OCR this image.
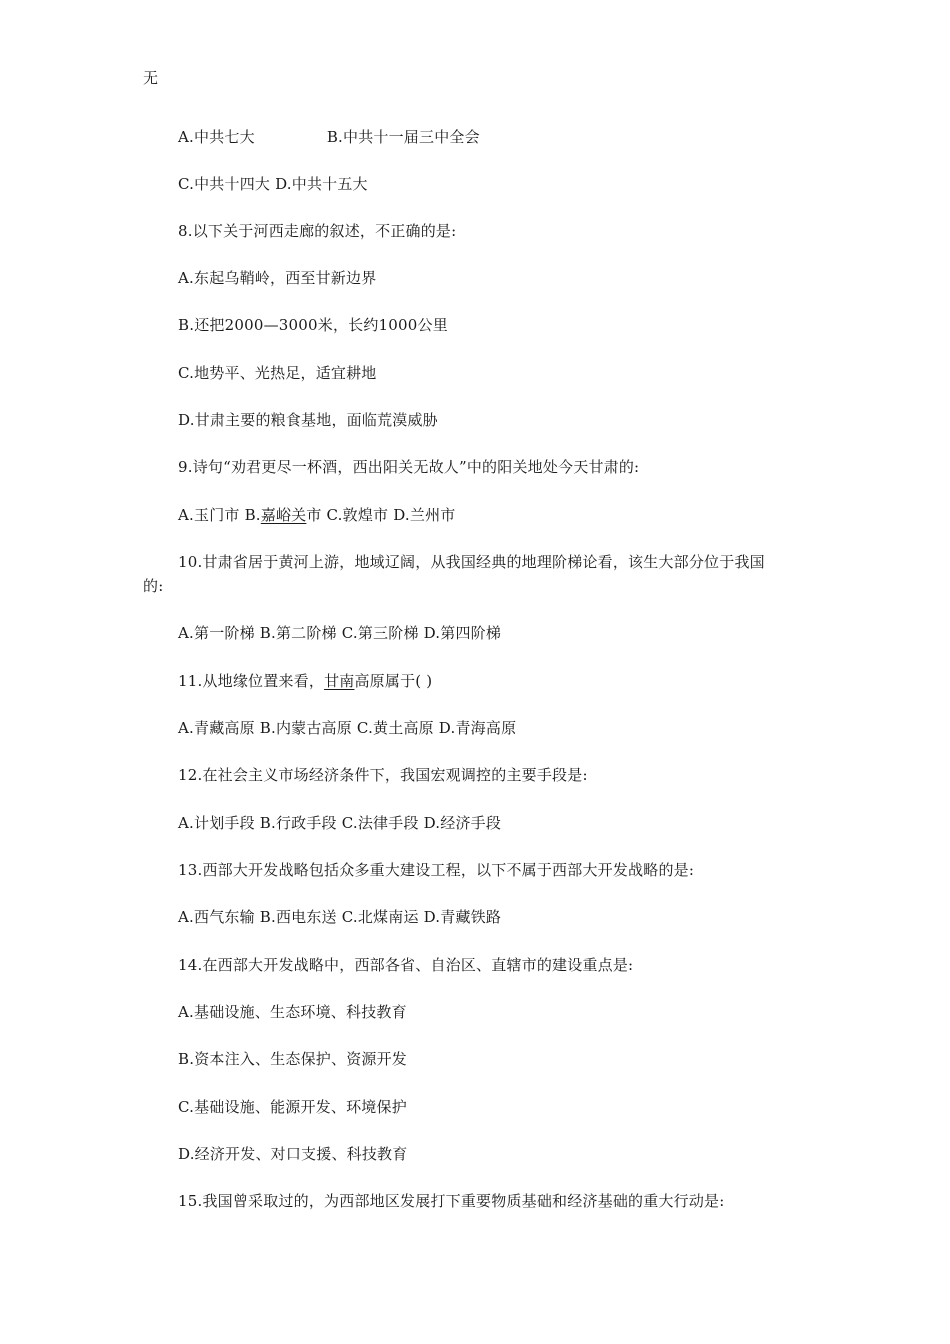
无
A.中共七大	B.中共十一届三中全会
C.中共十四大 D.中共十五大
8.以下关于河西走廊的叙述，不正确的是:
A.东起乌鞘岭，西至甘新边界
B.还把2000—3000米，长约1000公里
C.地势平、光热足，适宜耕地
D.甘肃主要的粮食基地，面临荒漠威胁
9.诗句“劝君更尽一杯酒，西出阳关无故人”中的阳关地处今天甘肃的:
A.玉门市 B.嘉峪关市 C.敦煌市 D.兰州市
10.甘肃省居于黄河上游，地域辽阔，从我国经典的地理阶梯论看，该生大部分位于我国
的:
A.第一阶梯 B.第二阶梯 C.第三阶梯 D.第四阶梯
11.从地缘位置来看，甘南高原属于( )
A.青藏高原 B.内蒙古高原 C.黄土高原 D.青海高原
12.在社会主义市场经济条件下，我国宏观调控的主要手段是:
A.计划手段 B.行政手段 C.法律手段 D.经济手段
13.西部大开发战略包括众多重大建设工程，以下不属于西部大开发战略的是:
A.西气东输 B.西电东送 C.北煤南运 D.青藏铁路
14.在西部大开发战略中，西部各省、自治区、直辖市的建设重点是:
A.基础设施、生态环境、科技教育
B.资本注入、生态保护、资源开发
C.基础设施、能源开发、环境保护
D.经济开发、对口支援、科技教育
15.我国曾采取过的，为西部地区发展打下重要物质基础和经济基础的重大行动是:
